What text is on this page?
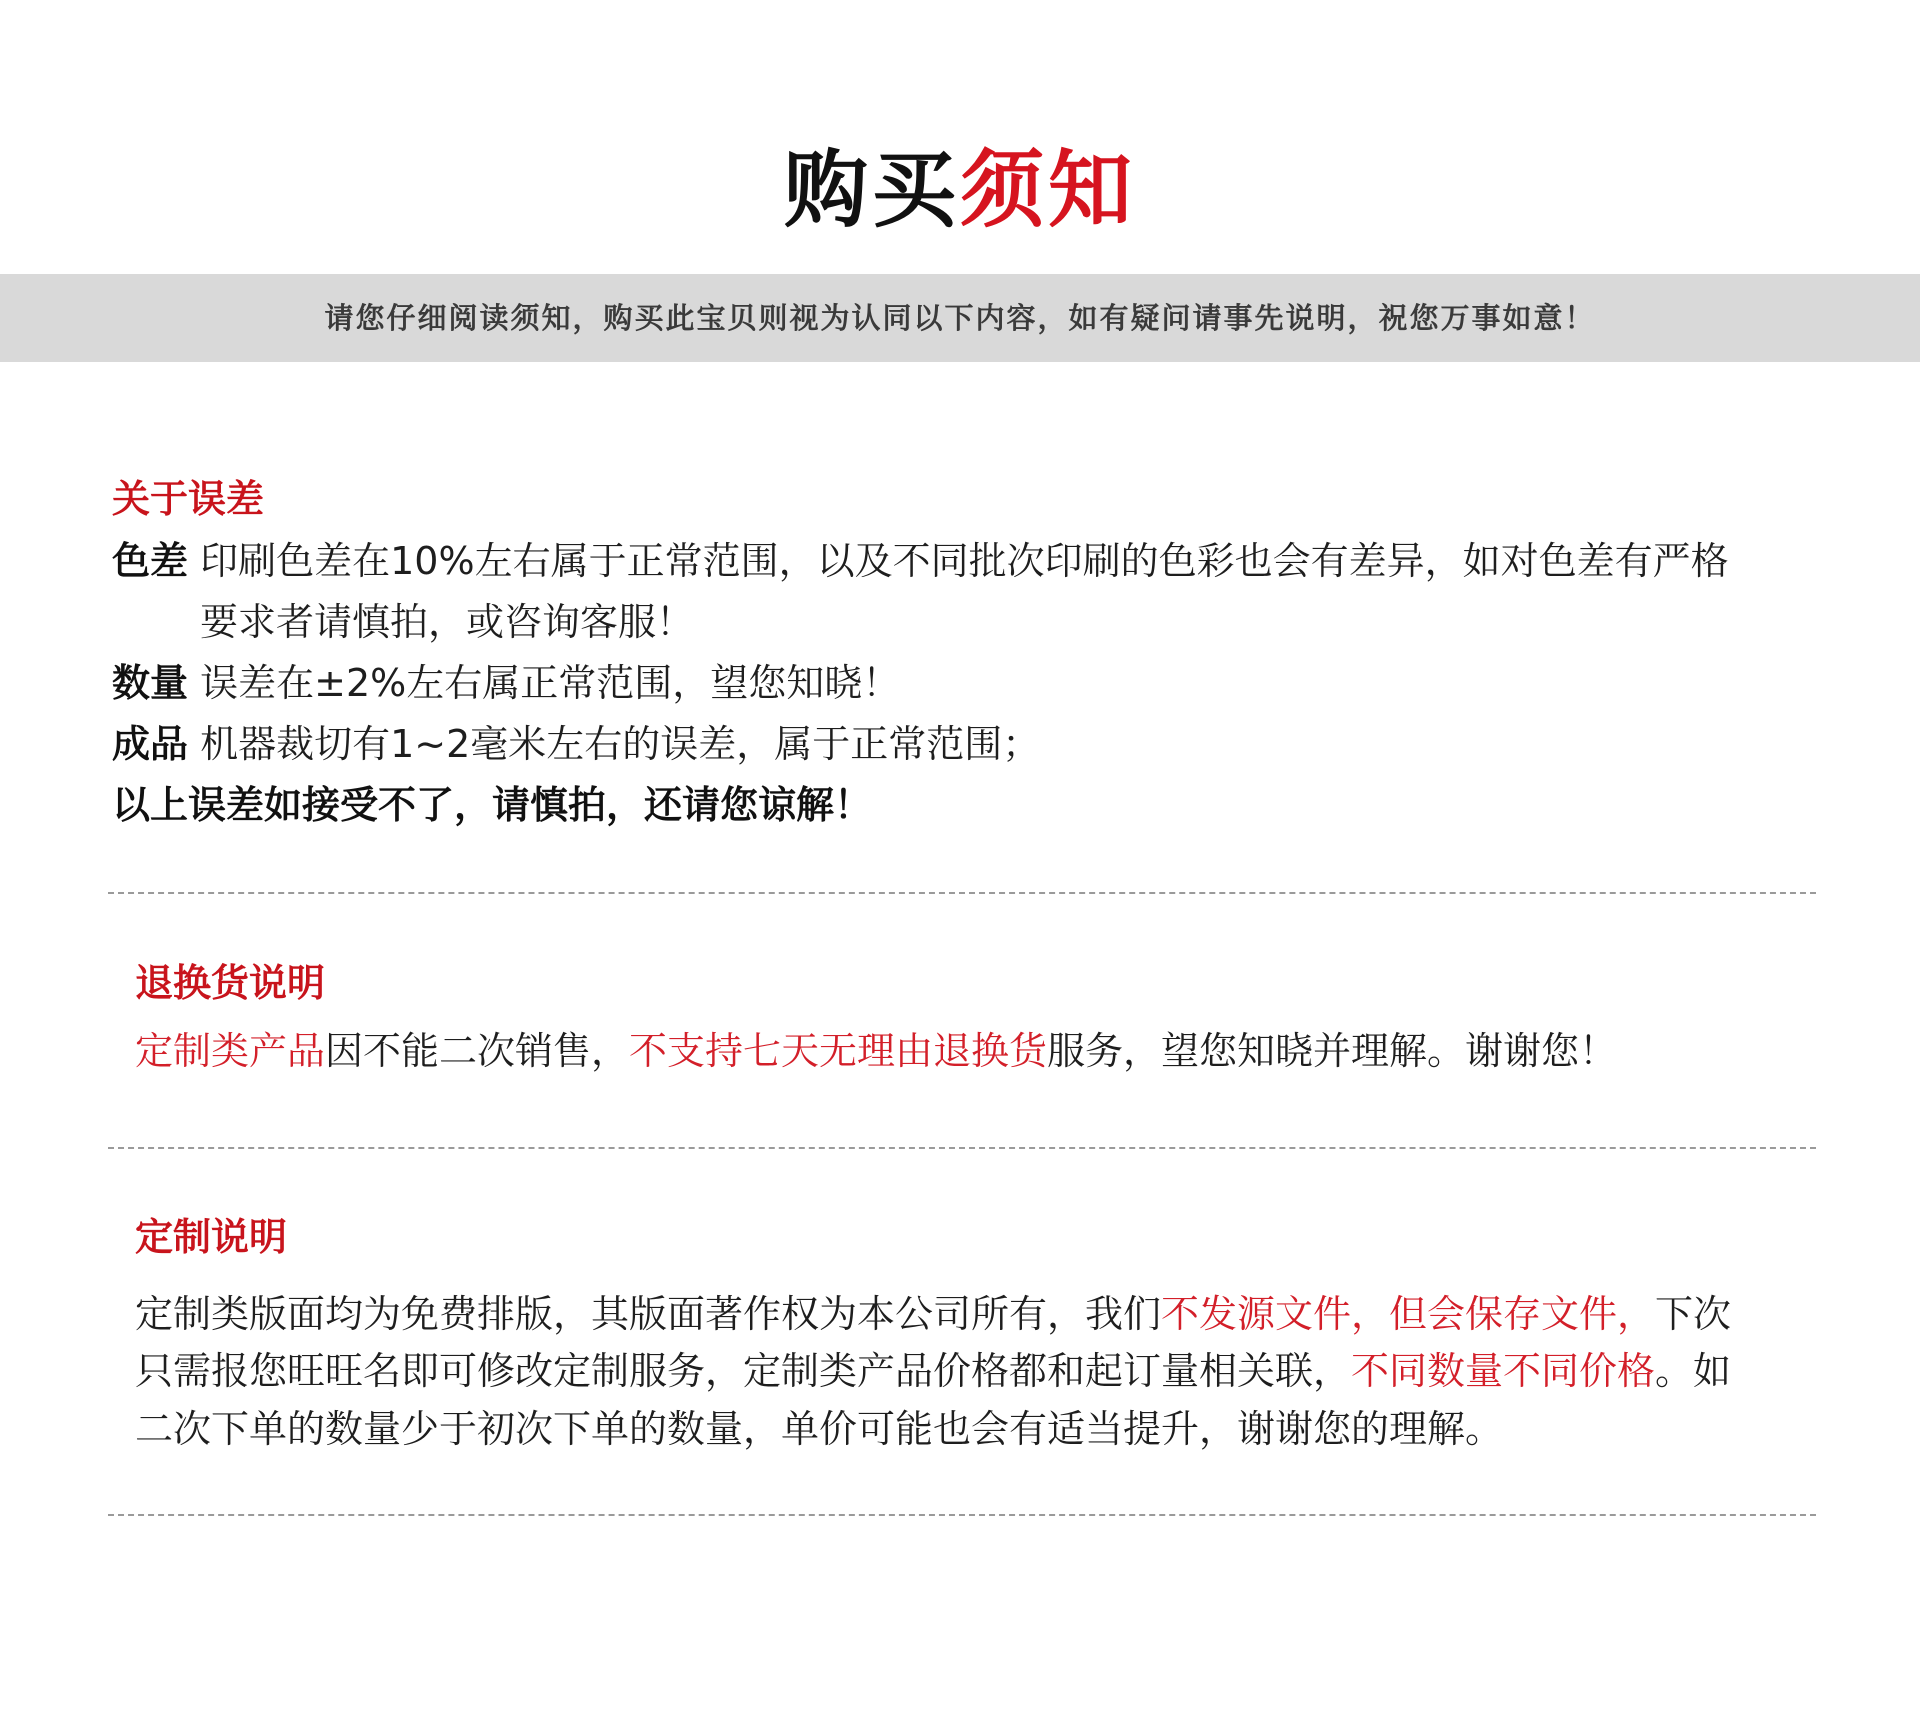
购买须知
请您仔细阅读须知，购买此宝贝则视为认同以下内容，如有疑问请事先说明，祝您万事如意！
关于误差
色差 印刷色差在10%左右属于正常范围，以及不同批次印刷的色彩也会有差异，如对色差有严格
要求者请慎拍，或咨询客服！
数量 误差在±2%左右属正常范围，望您知晓！
成品 机器裁切有1~2毫米左右的误差，属于正常范围；
以上误差如接受不了，请慎拍，还请您谅解！
退换货说明
定制类产品因不能二次销售，不支持七天无理由退换货服务，望您知晓并理解。谢谢您！
定制说明
定制类版面均为免费排版，其版面著作权为本公司所有，我们不发源文件，但会保存文件，下次
只需报您旺旺名即可修改定制服务，定制类产品价格都和起订量相关联，不同数量不同价格。如
二次下单的数量少于初次下单的数量，单价可能也会有适当提升，谢谢您的理解。
